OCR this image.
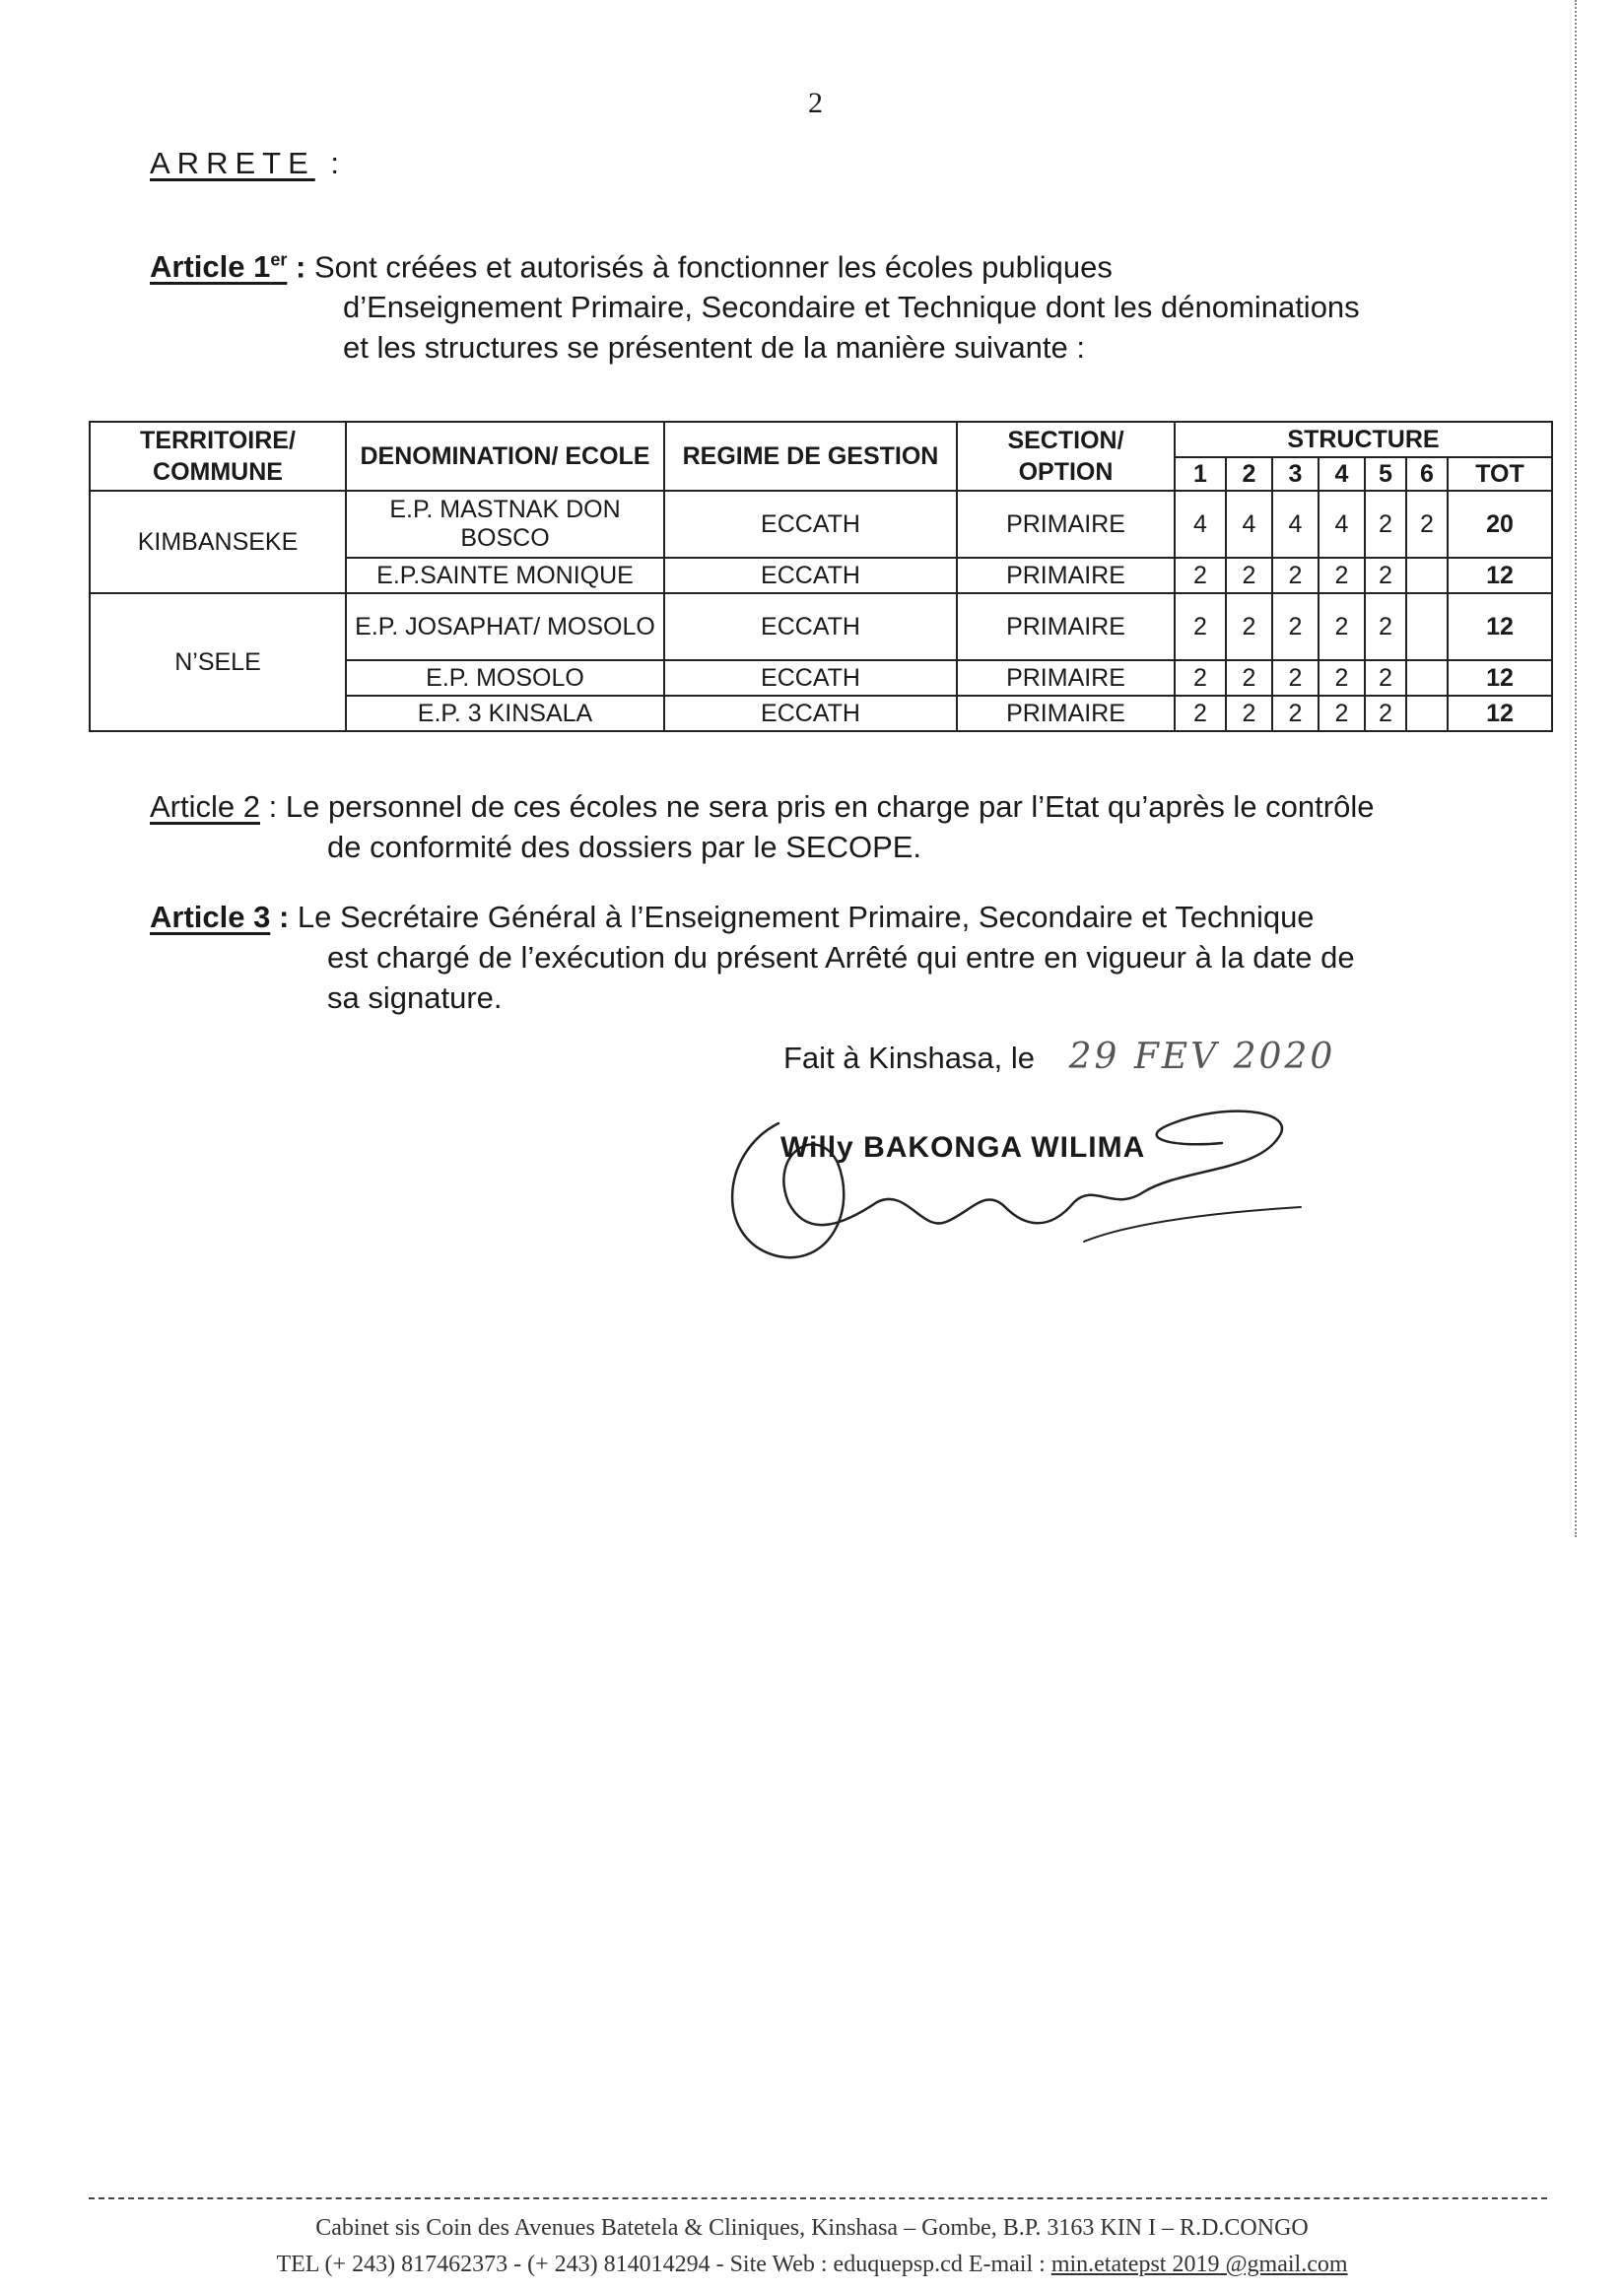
2
ARRETE :
Article 1er : Sont créées et autorisés à fonctionner les écoles publiques
d’Enseignement Primaire, Secondaire et Technique dont les dénominations
et les structures se présentent de la manière suivante :
TERRITOIRE/ COMMUNE	DENOMINATION/ ECOLE	REGIME DE GESTION	SECTION/ OPTION	STRUCTURE						
				1	2	3	4	5	6	TOT
KIMBANSEKE	E.P. MASTNAK DON BOSCO	ECCATH	PRIMAIRE	4	4	4	4	2	2	20
	E.P.SAINTE MONIQUE	ECCATH	PRIMAIRE	2	2	2	2	2		12
N’SELE	E.P. JOSAPHAT/ MOSOLO	ECCATH	PRIMAIRE	2	2	2	2	2		12
	E.P. MOSOLO	ECCATH	PRIMAIRE	2	2	2	2	2		12
	E.P. 3 KINSALA	ECCATH	PRIMAIRE	2	2	2	2	2		12
Article 2 : Le personnel de ces écoles ne sera pris en charge par l’Etat qu’après le contrôle
de conformité des dossiers par le SECOPE.
Article 3 : Le Secrétaire Général à l’Enseignement Primaire, Secondaire et Technique
est chargé de l’exécution du présent Arrêté qui entre en vigueur à la date de
sa signature.
Fait à Kinshasa, le 29 FEV 2020
Willy BAKONGA WILIMA
Cabinet sis Coin des Avenues Batetela & Cliniques, Kinshasa – Gombe, B.P. 3163 KIN I – R.D.CONGO
TEL (+ 243) 817462373 - (+ 243) 814014294 - Site Web : eduquepsp.cd E-mail : min.etatepst 2019 @gmail.com
